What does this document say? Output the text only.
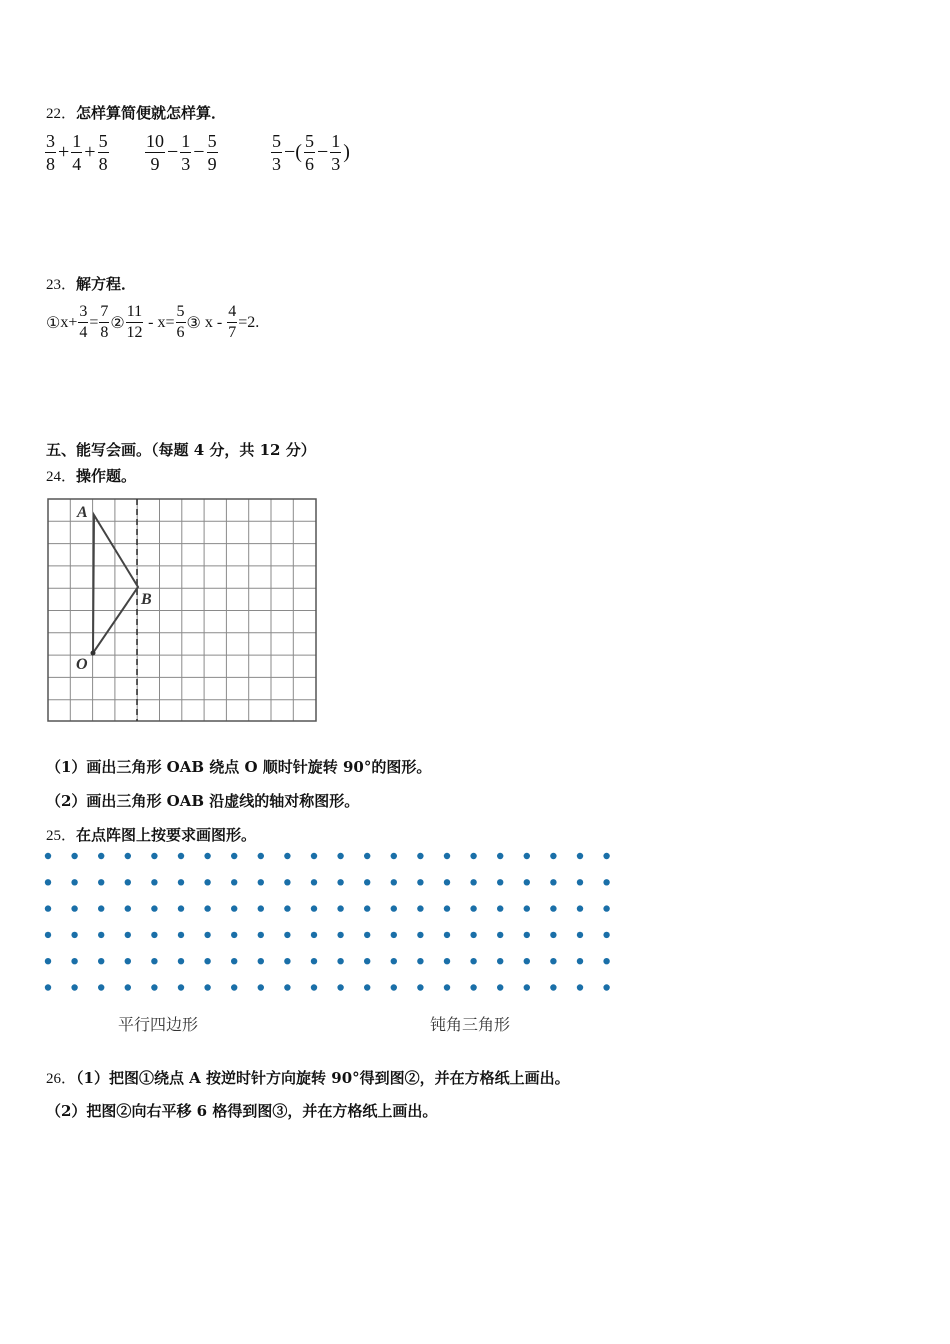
22．怎样算简便就怎样算．
$\frac{3}{8} + \frac{1}{4} + \frac{5}{8} \frac{10}{9} - \frac{1}{3} - \frac{5}{9}$	$\frac{5}{3}$ −( $\frac{5}{6} - \frac{1}{3}$ )
23．解方程．
① $x+ \frac{3}{4} = \frac{7}{8}$ ② $\frac{11}{12} - x= \frac{5}{6}$ ③ $x - \frac{4}{7} =2$.
五、能写会画。（每题 4 分，共 12 分）
24．操作题。
A
B
O
（1）画出三角形 OAB 绕点 O 顺时针旋转 90°的图形。
（2）画出三角形 OAB 沿虚线的轴对称图形。
25．在点阵图上按要求画图形。
平行四边形	钝角三角形
26．（1）把图①绕点 A 按逆时针方向旋转 90°得到图②，并在方格纸上画出。
（2）把图②向右平移 6 格得到图③，并在方格纸上画出。
